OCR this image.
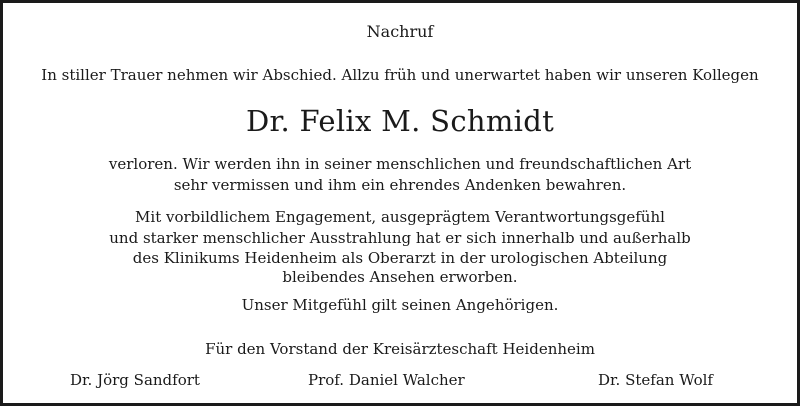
Nachruf
In stiller Trauer nehmen wir Abschied. Allzu früh und unerwartet haben wir unseren Kollegen
Dr. Felix M. Schmidt
verloren. Wir werden ihn in seiner menschlichen und freundschaftlichen Art
sehr vermissen und ihm ein ehrendes Andenken bewahren.
Mit vorbildlichem Engagement, ausgeprägtem Verantwortungsgefühl
und starker menschlicher Ausstrahlung hat er sich innerhalb und außerhalb
des Klinikums Heidenheim als Oberarzt in der urologischen Abteilung
bleibendes Ansehen erworben.
Unser Mitgefühl gilt seinen Angehörigen.
Für den Vorstand der Kreisärzteschaft Heidenheim
Dr. Jörg Sandfort	Prof. Daniel Walcher	Dr. Stefan Wolf
